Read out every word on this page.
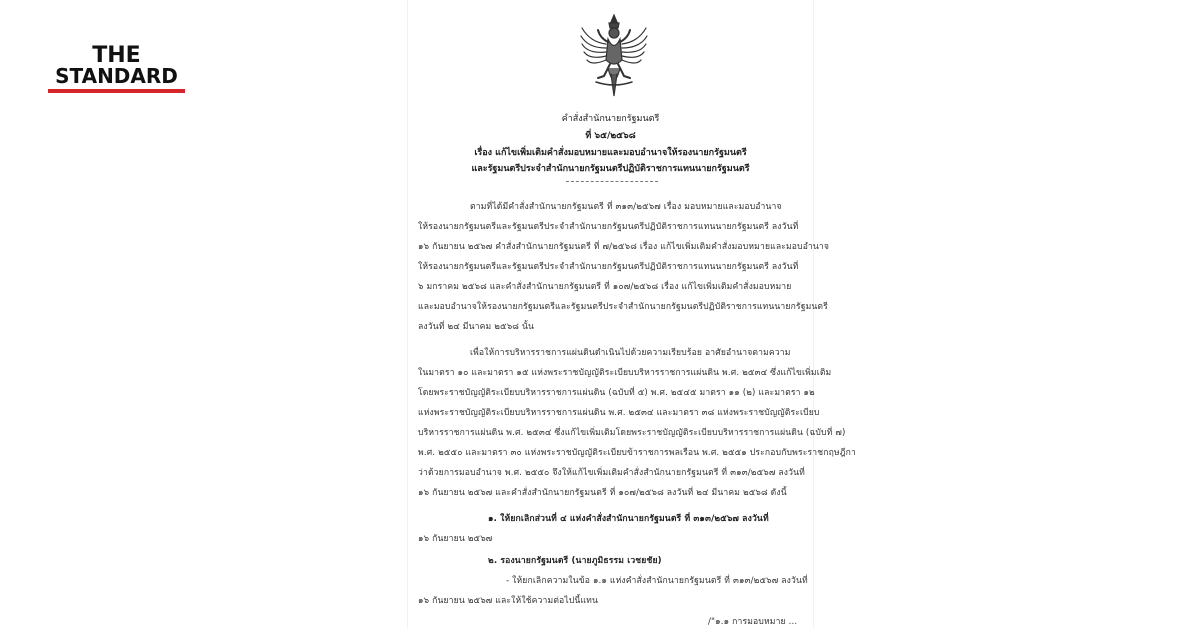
THE
STANDARD
คำสั่งสำนักนายกรัฐมนตรี
ที่ ๖๕/๒๕๖๘
เรื่อง แก้ไขเพิ่มเติมคำสั่งมอบหมายและมอบอำนาจให้รองนายกรัฐมนตรี
และรัฐมนตรีประจำสำนักนายกรัฐมนตรีปฏิบัติราชการแทนนายกรัฐมนตรี
ตามที่ได้มีคำสั่งสำนักนายกรัฐมนตรี ที่ ๓๑๓/๒๕๖๗ เรื่อง มอบหมายและมอบอำนาจ
ให้รองนายกรัฐมนตรีและรัฐมนตรีประจำสำนักนายกรัฐมนตรีปฏิบัติราชการแทนนายกรัฐมนตรี ลงวันที่
๑๖ กันยายน ๒๕๖๗ คำสั่งสำนักนายกรัฐมนตรี ที่ ๗/๒๕๖๘ เรื่อง แก้ไขเพิ่มเติมคำสั่งมอบหมายและมอบอำนาจ
ให้รองนายกรัฐมนตรีและรัฐมนตรีประจำสำนักนายกรัฐมนตรีปฏิบัติราชการแทนนายกรัฐมนตรี ลงวันที่
๖ มกราคม ๒๕๖๘ และคำสั่งสำนักนายกรัฐมนตรี ที่ ๑๐๗/๒๕๖๘ เรื่อง แก้ไขเพิ่มเติมคำสั่งมอบหมาย
และมอบอำนาจให้รองนายกรัฐมนตรีและรัฐมนตรีประจำสำนักนายกรัฐมนตรีปฏิบัติราชการแทนนายกรัฐมนตรี
ลงวันที่ ๒๔ มีนาคม ๒๕๖๘ นั้น
เพื่อให้การบริหารราชการแผ่นดินดำเนินไปด้วยความเรียบร้อย อาศัยอำนาจตามความ
ในมาตรา ๑๐ และมาตรา ๑๕ แห่งพระราชบัญญัติระเบียบบริหารราชการแผ่นดิน พ.ศ. ๒๕๓๔ ซึ่งแก้ไขเพิ่มเติม
โดยพระราชบัญญัติระเบียบบริหารราชการแผ่นดิน (ฉบับที่ ๕) พ.ศ. ๒๕๔๕ มาตรา ๑๑ (๒) และมาตรา ๑๒
แห่งพระราชบัญญัติระเบียบบริหารราชการแผ่นดิน พ.ศ. ๒๕๓๔ และมาตรา ๓๘ แห่งพระราชบัญญัติระเบียบ
บริหารราชการแผ่นดิน พ.ศ. ๒๕๓๔ ซึ่งแก้ไขเพิ่มเติมโดยพระราชบัญญัติระเบียบบริหารราชการแผ่นดิน (ฉบับที่ ๗)
พ.ศ. ๒๕๕๐ และมาตรา ๓๐ แห่งพระราชบัญญัติระเบียบข้าราชการพลเรือน พ.ศ. ๒๕๕๑ ประกอบกับพระราชกฤษฎีกา
ว่าด้วยการมอบอำนาจ พ.ศ. ๒๕๕๐ จึงให้แก้ไขเพิ่มเติมคำสั่งสำนักนายกรัฐมนตรี ที่ ๓๑๓/๒๕๖๗ ลงวันที่
๑๖ กันยายน ๒๕๖๗ และคำสั่งสำนักนายกรัฐมนตรี ที่ ๑๐๗/๒๕๖๘ ลงวันที่ ๒๔ มีนาคม ๒๕๖๘ ดังนี้
๑. ให้ยกเลิกส่วนที่ ๔ แห่งคำสั่งสำนักนายกรัฐมนตรี ที่ ๓๑๓/๒๕๖๗ ลงวันที่
๑๖ กันยายน ๒๕๖๗
๒. รองนายกรัฐมนตรี (นายภูมิธรรม เวชยชัย)
- ให้ยกเลิกความในข้อ ๑.๑ แห่งคำสั่งสำนักนายกรัฐมนตรี ที่ ๓๑๓/๒๕๖๗ ลงวันที่
๑๖ กันยายน ๒๕๖๗ และให้ใช้ความต่อไปนี้แทน
/"๑.๑ การมอบหมาย ...
